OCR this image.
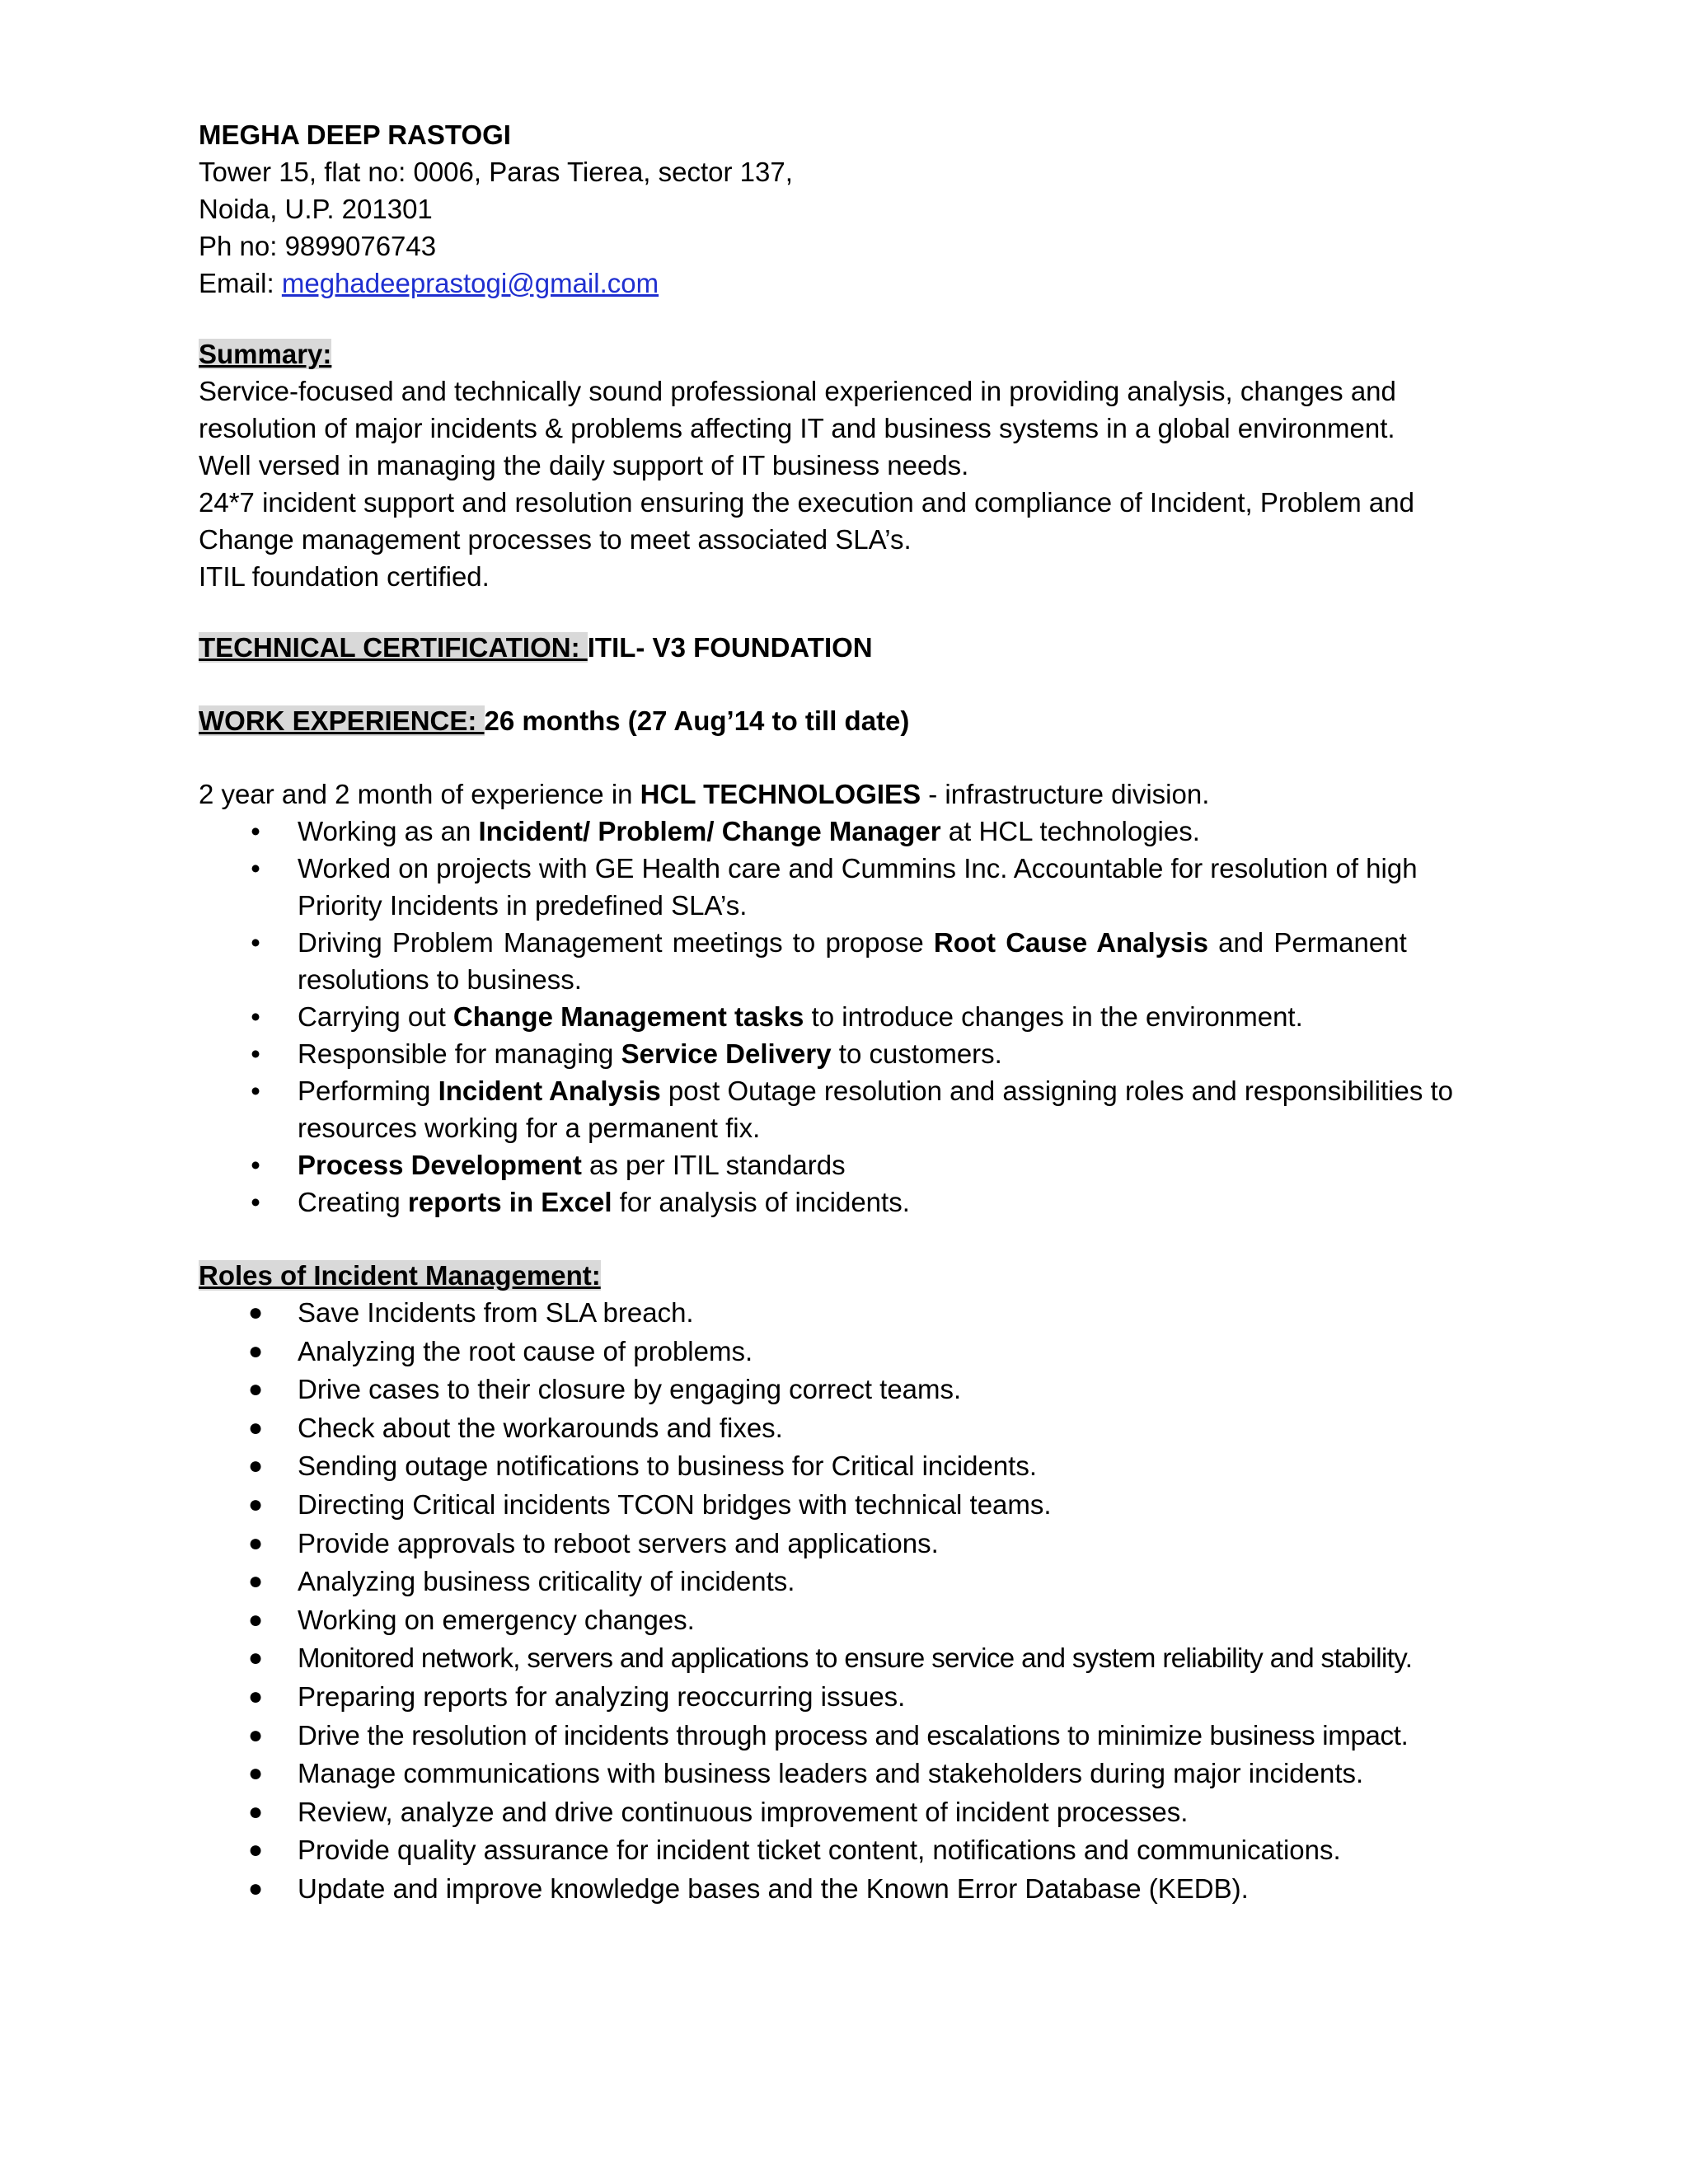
MEGHA DEEP RASTOGI
Tower 15, flat no: 0006, Paras Tierea, sector 137,
Noida, U.P. 201301
Ph no: 9899076743
Email: meghadeeprastogi@gmail.com
Summary:
Service-focused and technically sound professional experienced in providing analysis, changes and
resolution of major incidents & problems affecting IT and business systems in a global environment.
Well versed in managing the daily support of IT business needs.
24*7 incident support and resolution ensuring the execution and compliance of Incident, Problem and
Change management processes to meet associated SLA’s.
ITIL foundation certified.
TECHNICAL CERTIFICATION: ITIL- V3 FOUNDATION
WORK EXPERIENCE: 26 months (27 Aug’14 to till date)
2 year and 2 month of experience in HCL TECHNOLOGIES - infrastructure division.
• Working as an Incident/ Problem/ Change Manager at HCL technologies.
• Worked on projects with GE Health care and Cummins Inc. Accountable for resolution of high
Priority Incidents in predefined SLA’s.
• Driving Problem Management meetings to propose Root Cause Analysis and Permanent
resolutions to business.
• Carrying out Change Management tasks to introduce changes in the environment.
• Responsible for managing Service Delivery to customers.
• Performing Incident Analysis post Outage resolution and assigning roles and responsibilities to
resources working for a permanent fix.
• Process Development as per ITIL standards
• Creating reports in Excel for analysis of incidents.
Roles of Incident Management:
● Save Incidents from SLA breach.
● Analyzing the root cause of problems.
● Drive cases to their closure by engaging correct teams.
● Check about the workarounds and fixes.
● Sending outage notifications to business for Critical incidents.
● Directing Critical incidents TCON bridges with technical teams.
● Provide approvals to reboot servers and applications.
● Analyzing business criticality of incidents.
● Working on emergency changes.
● Monitored network, servers and applications to ensure service and system reliability and stability.
● Preparing reports for analyzing reoccurring issues.
● Drive the resolution of incidents through process and escalations to minimize business impact.
● Manage communications with business leaders and stakeholders during major incidents.
● Review, analyze and drive continuous improvement of incident processes.
● Provide quality assurance for incident ticket content, notifications and communications.
● Update and improve knowledge bases and the Known Error Database (KEDB).
